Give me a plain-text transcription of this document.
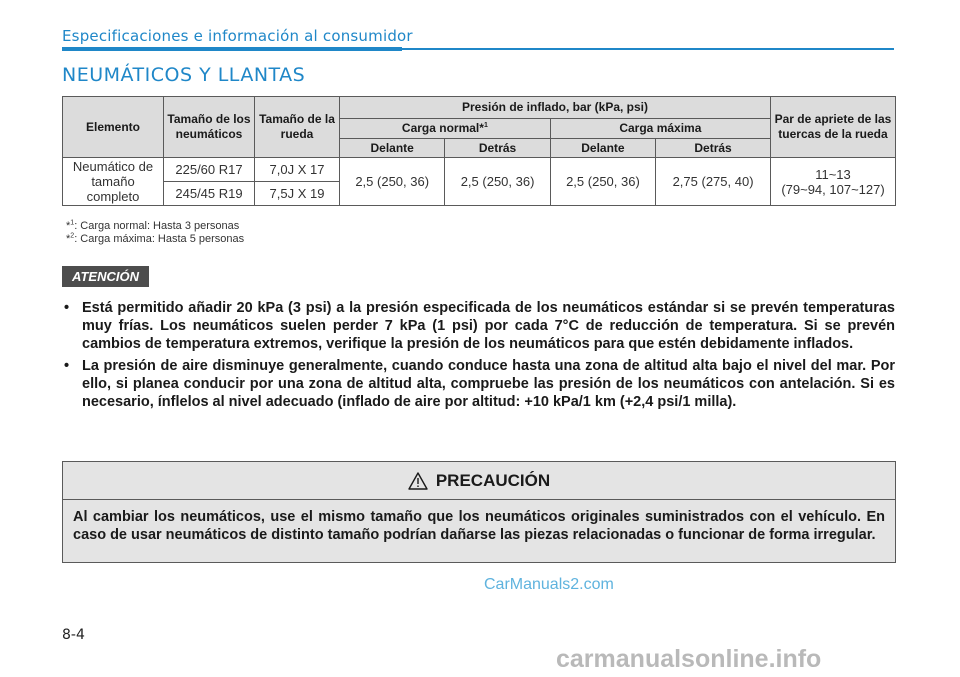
Especificaciones e información al consumidor
NEUMÁTICOS Y LLANTAS
Elemento	Tamaño de los neumáticos	Tamaño de la rueda	Presión de inflado, bar (kPa, psi)				Par de apriete de las tuercas de la rueda
			Carga normal*$^1$		Carga máxima		
			Delante	Detrás	Delante	Detrás	
Neumático de tamaño completo	225/60 R17	7,0J X 17	2,5 (250, 36)	2,5 (250, 36)	2,5 (250, 36)	2,75 (275, 40)	11~13
(79~94, 107~127)

	245/45 R19	7,5J X 19					
*$^1$: Carga normal: Hasta 3 personas
*$^2$: Carga máxima: Hasta 5 personas
ATENCIÓN
• Está permitido añadir 20 kPa (3 psi) a la presión especificada de los neumáticos estándar si se prevén temperaturas muy frías. Los neumáticos suelen perder 7 kPa (1 psi) por cada 7°C de reducción de temperatura. Si se prevén cambios de temperatura extremos, verifique la presión de los neumáticos para que estén debidamente inflados.
• La presión de aire disminuye generalmente, cuando conduce hasta una zona de altitud alta bajo el nivel del mar. Por ello, si planea conducir por una zona de altitud alta, compruebe las presión de los neumáticos con antelación. Si es necesario, ínflelos al nivel adecuado (inflado de aire por altitud: +10 kPa/1 km (+2,4 psi/1 milla).
PRECAUCIÓN
Al cambiar los neumáticos, use el mismo tamaño que los neumáticos originales suministrados con el vehículo. En caso de usar neumáticos de distinto tamaño podrían dañarse las piezas relacionadas o funcionar de forma irregular.
CarManuals2.com
8-4
carmanualsonline.info
